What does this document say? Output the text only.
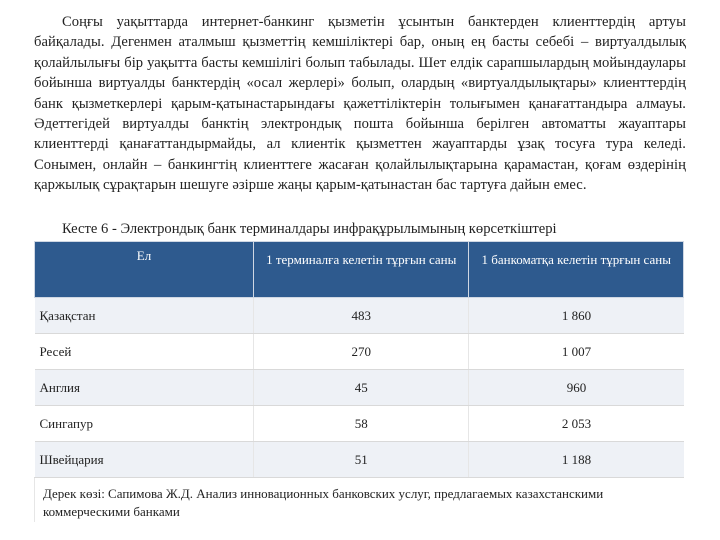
Соңғы уақыттарда интернет-банкинг қызметін ұсынтын банктерден клиенттердің артуы байқалады. Дегенмен аталмыш қызметтің кемшіліктері бар, оның ең басты себебі – виртуалдылық қолайлылығы бір уақытта басты кемшілігі болып табылады. Шет елдік сарапшылардың мойындаулары бойынша виртуалды банктердің «осал жерлері» болып, олардың «виртуалдылықтары» клиенттердің банк қызметкерлері қарым-қатынастарындағы қажеттіліктерін толығымен қанағаттандыра алмауы. Әдеттегідей виртуалды банктің электрондық пошта бойынша берілген автоматты жауаптары клиенттерді қанағаттандырмайды, ал клиентік қызметтен жауаптарды ұзақ тосуға тура келеді. Сонымен, онлайн – банкингтің клиенттеге жасаған қолайлылықтарына қарамастан, қоғам өздерінің қаржылық сұрақтарын шешуге әзірше жаңы қарым-қатынастан бас тартуға дайын емес.

Кесте 6 - Электрондық банк терминалдары инфрақұрылымының көрсеткіштері

Ел	1 терминалға келетін тұрғын саны	1 банкоматқа келетін тұрғын саны
Қазақстан	483	1 860
Ресей	270	1 007
Англия	45	960
Сингапур	58	2 053
Швейцария	51	1 188

Дерек көзі: Сапимова Ж.Д. Анализ инновационных банковских услуг, предлагаемых казахстанскими коммерческими банками		
